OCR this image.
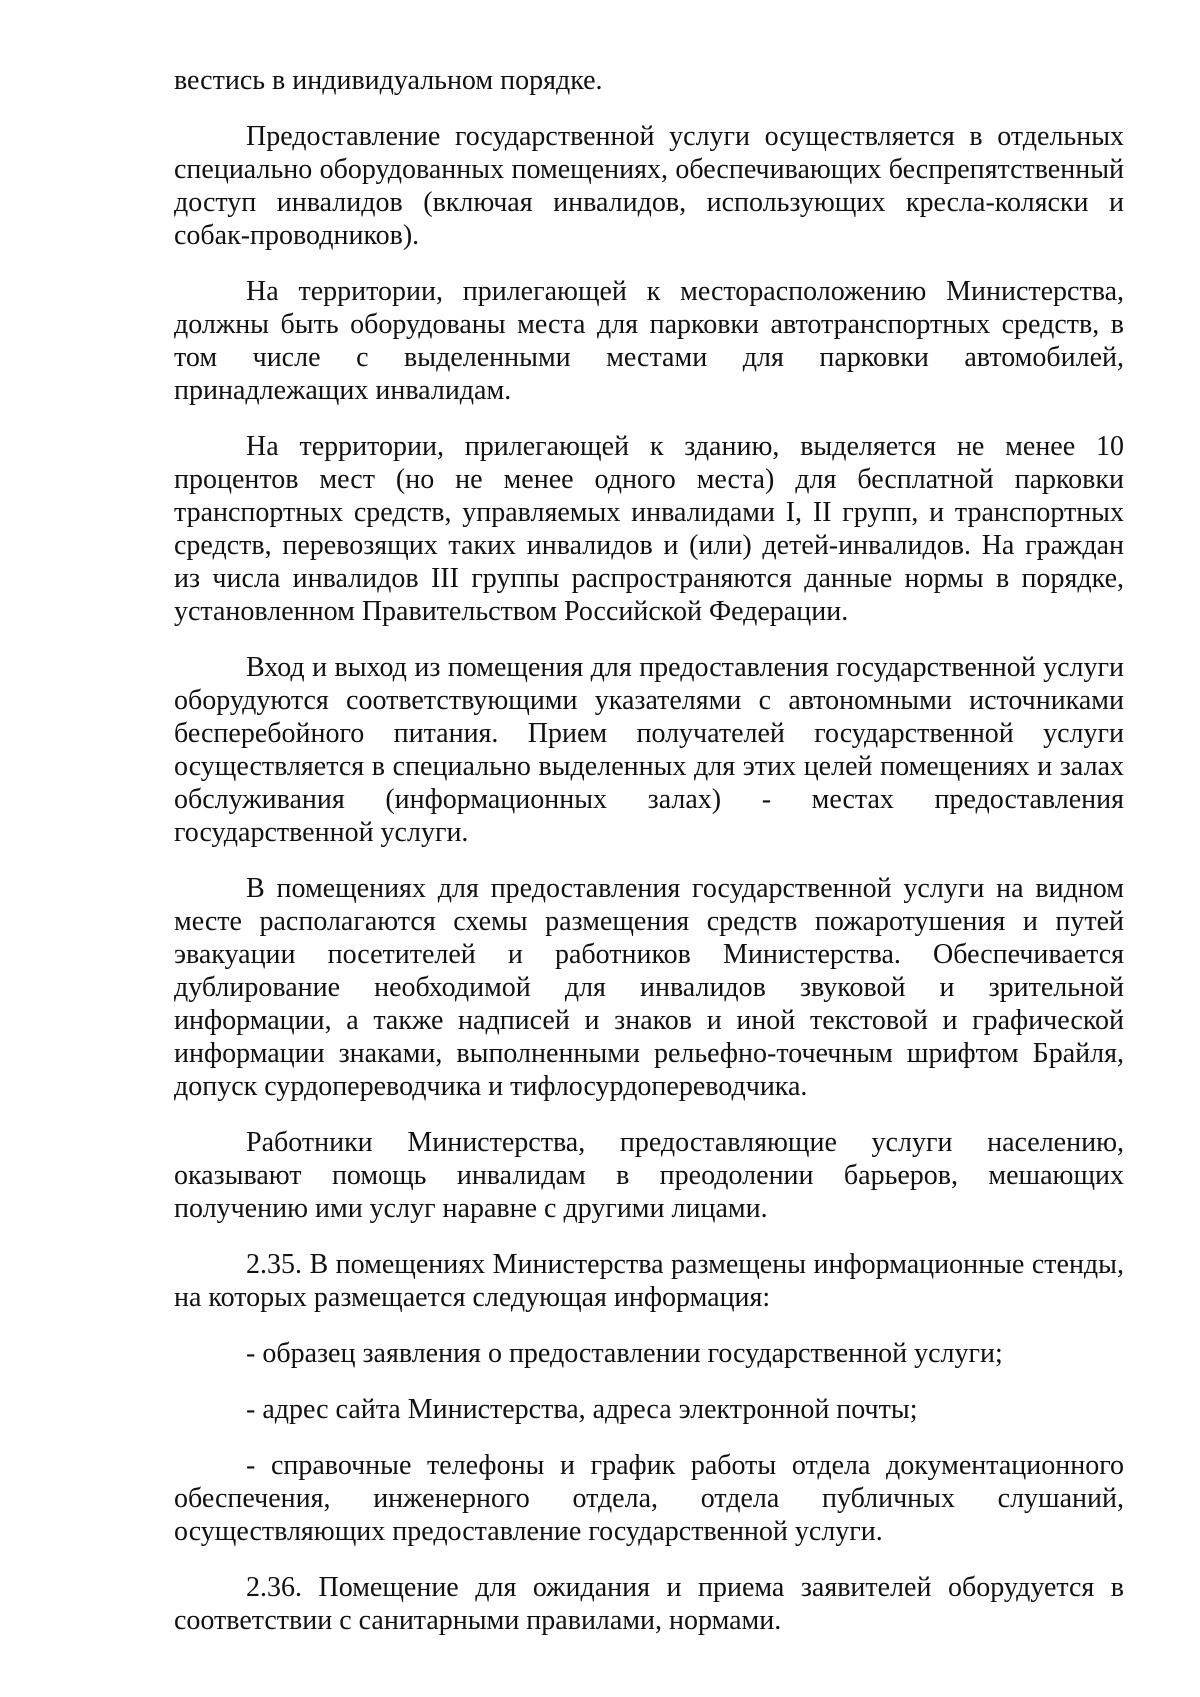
вестись в индивидуальном порядке.

Предоставление государственной услуги осуществляется в отдельных специально оборудованных помещениях, обеспечивающих беспрепятственный доступ инвалидов (включая инвалидов, использующих кресла-коляски и собак-проводников).

На территории, прилегающей к месторасположению Министерства, должны быть оборудованы места для парковки автотранспортных средств, в том числе с выделенными местами для парковки автомобилей, принадлежащих инвалидам.

На территории, прилегающей к зданию, выделяется не менее 10 процентов мест (но не менее одного места) для бесплатной парковки транспортных средств, управляемых инвалидами I, II групп, и транспортных средств, перевозящих таких инвалидов и (или) детей-инвалидов. На граждан из числа инвалидов III группы распространяются данные нормы в порядке, установленном Правительством Российской Федерации.

Вход и выход из помещения для предоставления государственной услуги оборудуются соответствующими указателями с автономными источниками бесперебойного питания. Прием получателей государственной услуги осуществляется в специально выделенных для этих целей помещениях и залах обслуживания (информационных залах) - местах предоставления государственной услуги.

В помещениях для предоставления государственной услуги на видном месте располагаются схемы размещения средств пожаротушения и путей эвакуации посетителей и работников Министерства. Обеспечивается дублирование необходимой для инвалидов звуковой и зрительной информации, а также надписей и знаков и иной текстовой и графической информации знаками, выполненными рельефно-точечным шрифтом Брайля, допуск сурдопереводчика и тифлосурдопереводчика.

Работники Министерства, предоставляющие услуги населению, оказывают помощь инвалидам в преодолении барьеров, мешающих получению ими услуг наравне с другими лицами.

2.35. В помещениях Министерства размещены информационные стенды, на которых размещается следующая информация:

- образец заявления о предоставлении государственной услуги;

- адрес сайта Министерства, адреса электронной почты;

- справочные телефоны и график работы отдела документационного обеспечения, инженерного отдела, отдела публичных слушаний, осуществляющих предоставление государственной услуги.

2.36. Помещение для ожидания и приема заявителей оборудуется в соответствии с санитарными правилами, нормами.
